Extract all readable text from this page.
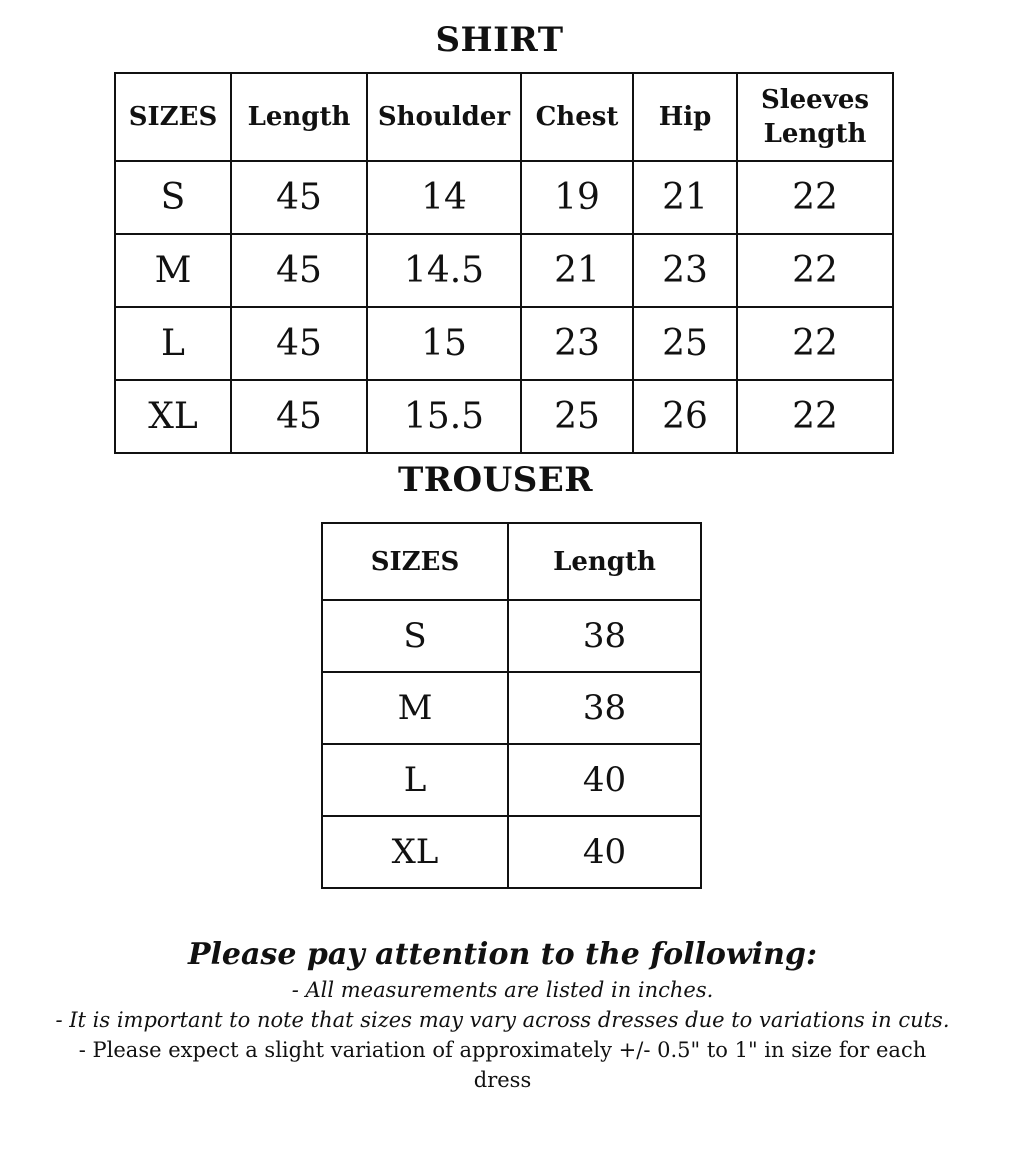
SHIRT
SIZES	Length	Shoulder	Chest	Hip	Sleeves Length
S	45	14	19	21	22
M	45	14.5	21	23	22
L	45	15	23	25	22
XL	45	15.5	25	26	22
TROUSER
SIZES	Length
S	38
M	38
L	40
XL	40

Please pay attention to the following:

- All measurements are listed in inches.

- It is important to note that sizes may vary across dresses due to variations in cuts.

- Please expect a slight variation of approximately +/- 0.5" to 1" in size for each dress
